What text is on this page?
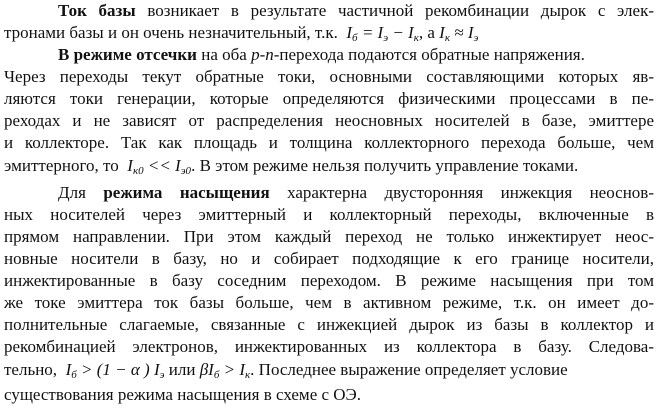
Ток базы возникает в результате частичной рекомбинации дырок с элек-
тронами базы и он очень незначительный, т.к. $I_б = I_э - I_к$, а $I_к \approx I_э$
В режиме отсечки на оба p-n-перехода подаются обратные напряжения.
Через переходы текут обратные токи, основными составляющими которых яв-
ляются токи генерации, которые определяются физическими процессами в пе-
реходах и не зависят от распределения неосновных носителей в базе, эмиттере
и коллекторе. Так как площадь и толщина коллекторного перехода больше, чем
эмиттерного, то $I_{к0} << I_{э0}$. В этом режиме нельзя получить управление токами.
Для режима насыщения характерна двусторонняя инжекция неоснов-
ных носителей через эмиттерный и коллекторный переходы, включенные в
прямом направлении. При этом каждый переход не только инжектирует неос-
новные носители в базу, но и собирает подходящие к его границе носители,
инжектированные в базу соседним переходом. В режиме насыщения при том
же токе эмиттера ток базы больше, чем в активном режиме, т.к. он имеет до-
полнительные слагаемые, связанные с инжекцией дырок из базы в коллектор и
рекомбинацией электронов, инжектированных из коллектора в базу. Следова-
тельно, $I_б > (1 - \alpha$ ) $I_э$ или $\beta I_б > I_к$. Последнее выражение определяет условие
существования режима насыщения в схеме с ОЭ.
